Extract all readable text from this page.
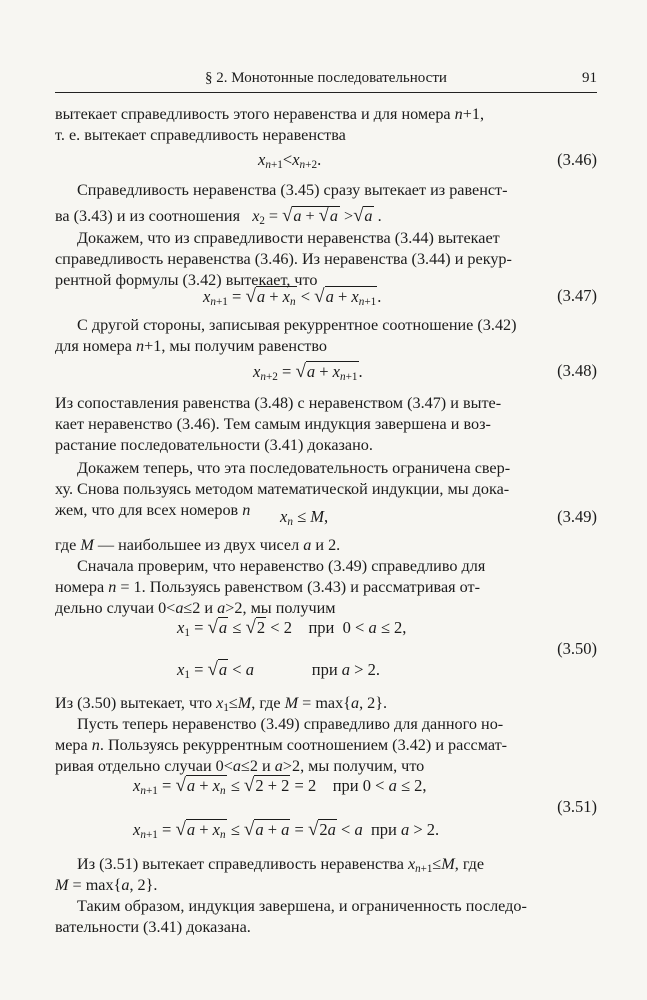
§ 2. Монотонные последовательности	91
вытекает справедливость этого неравенства и для номера n+1,
т. е. вытекает справедливость неравенства
$x_{n+1}<x_{n+2}$.	(3.46)
Справедливость неравенства (3.45) сразу вытекает из равенст-
ва (3.43) и из соотношения $x_2 = √a + √a >√a$ .
Докажем, что из справедливости неравенства (3.44) вытекает
справедливость неравенства (3.46). Из неравенства (3.44) и рекур-
рентной формулы (3.42) вытекает, что
$x_{n+1} = √a + x_n < √a + x_{n+1}$.	(3.47)
С другой стороны, записывая рекуррентное соотношение (3.42)
для номера n+1, мы получим равенство
$x_{n+2} = √a + x_{n+1}$.	(3.48)
Из сопоставления равенства (3.48) с неравенством (3.47) и выте-
кает неравенство (3.46). Тем самым индукция завершена и воз-
растание последовательности (3.41) доказано.
Докажем теперь, что эта последовательность ограничена свер-
ху. Снова пользуясь методом математической индукции, мы дока-
жем, что для всех номеров n	$x_n \le M$,	(3.49)
где M — наибольшее из двух чисел a и 2.
Сначала проверим, что неравенство (3.49) справедливо для
номера n = 1. Пользуясь равенством (3.43) и рассматривая от-
дельно случаи 0<a≤2 и a>2, мы получим
$x_1 = √a \le √2 < 2$    при  0 < a ≤ 2,
(3.50)
$x_1 = √a < a$              при a > 2.
Из (3.50) вытекает, что $x_1\le M$, где M = max{a, 2}.
Пусть теперь неравенство (3.49) справедливо для данного но-
мера n. Пользуясь рекуррентным соотношением (3.42) и рассмат-
ривая отдельно случаи 0<a≤2 и a>2, мы получим, что
$x_{n+1} = √a + x_n \le √2 + 2 = 2$    при 0 < a ≤ 2,
(3.51)
$x_{n+1} = √a + x_n \le √a + a = √2a < a$  при a > 2.
Из (3.51) вытекает справедливость неравенства $x_{n+1}\le M$, где
M = max{a, 2}.
Таким образом, индукция завершена, и ограниченность последо-
вательности (3.41) доказана.
